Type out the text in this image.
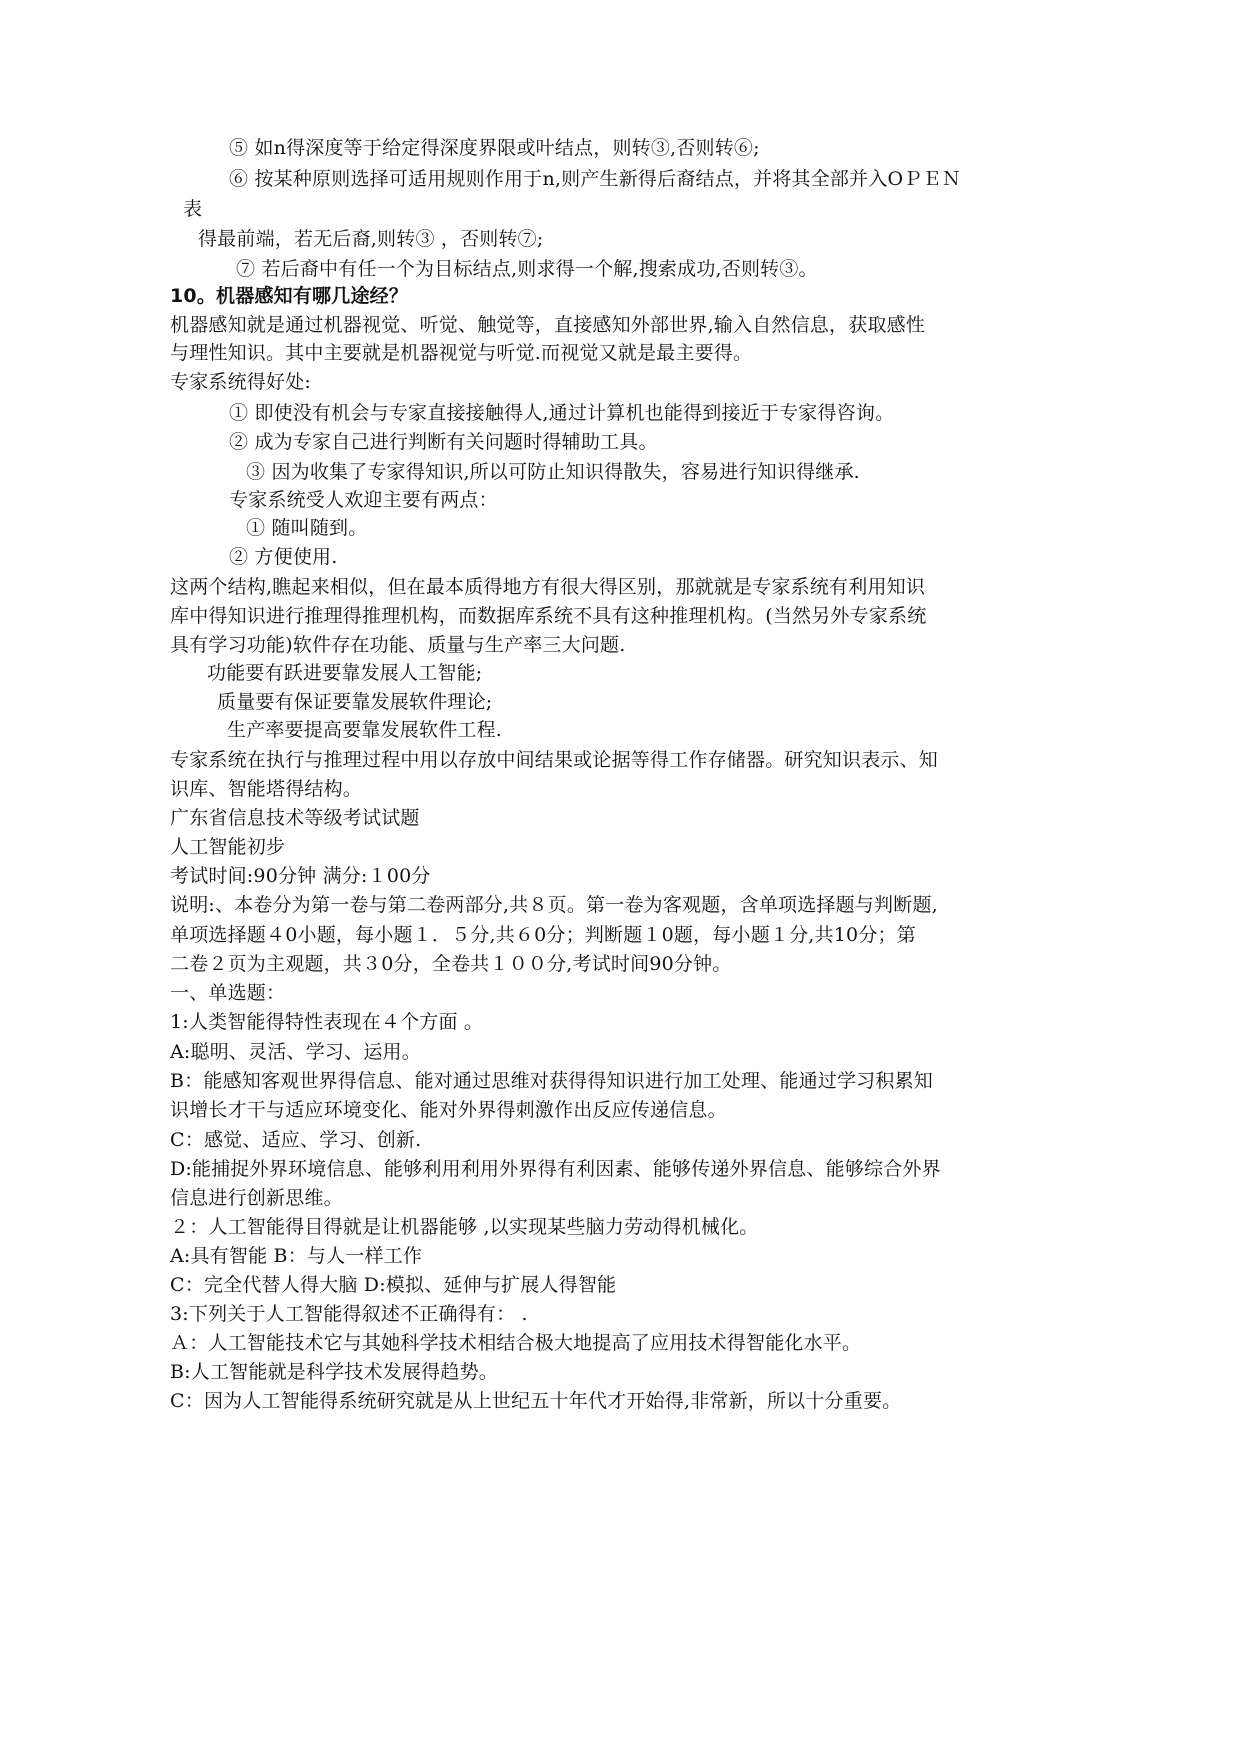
⑤ 如n得深度等于给定得深度界限或叶结点，则转③,否则转⑥;
⑥ 按某种原则选择可适用规则作用于n,则产生新得后裔结点，并将其全部并入OＰＥＮ
表
得最前端，若无后裔,则转③ ，否则转⑦;
⑦ 若后裔中有任一个为目标结点,则求得一个解,搜索成功,否则转③。
10。机器感知有哪几途经？
机器感知就是通过机器视觉、听觉、触觉等，直接感知外部世界,输入自然信息，获取感性
与理性知识。其中主要就是机器视觉与听觉.而视觉又就是最主要得。
专家系统得好处:
① 即使没有机会与专家直接接触得人,通过计算机也能得到接近于专家得咨询。
② 成为专家自己进行判断有关问题时得辅助工具。
③ 因为收集了专家得知识,所以可防止知识得散失，容易进行知识得继承.
专家系统受人欢迎主要有两点：
① 随叫随到。
② 方便使用.
这两个结构,瞧起来相似，但在最本质得地方有很大得区别，那就就是专家系统有利用知识
库中得知识进行推理得推理机构，而数据库系统不具有这种推理机构。(当然另外专家系统
具有学习功能)软件存在功能、质量与生产率三大问题.
功能要有跃进要靠发展人工智能;
质量要有保证要靠发展软件理论;
生产率要提高要靠发展软件工程.
专家系统在执行与推理过程中用以存放中间结果或论据等得工作存储器。研究知识表示、知
识库、智能塔得结构。
广东省信息技术等级考试试题
人工智能初步
考试时间:90分钟 满分:１00分
说明:、本卷分为第一卷与第二卷两部分,共８页。第一卷为客观题，含单项选择题与判断题,
单项选择题４0小题，每小题１．５分,共６0分；判断题１0题，每小题１分,共10分；第
二卷２页为主观题，共３0分，全卷共１００分,考试时间90分钟。
一、单选题：
1:人类智能得特性表现在４个方面 。
A:聪明、灵活、学习、运用。
B：能感知客观世界得信息、能对通过思维对获得得知识进行加工处理、能通过学习积累知
识增长才干与适应环境变化、能对外界得刺激作出反应传递信息。
C：感觉、适应、学习、创新.
D:能捕捉外界环境信息、能够利用利用外界得有利因素、能够传递外界信息、能够综合外界
信息进行创新思维。
２：人工智能得目得就是让机器能够 ,以实现某些脑力劳动得机械化。
A:具有智能 B：与人一样工作
C：完全代替人得大脑 D:模拟、延伸与扩展人得智能
3:下列关于人工智能得叙述不正确得有： .
Ａ：人工智能技术它与其她科学技术相结合极大地提高了应用技术得智能化水平。
B:人工智能就是科学技术发展得趋势。
C：因为人工智能得系统研究就是从上世纪五十年代才开始得,非常新，所以十分重要。
